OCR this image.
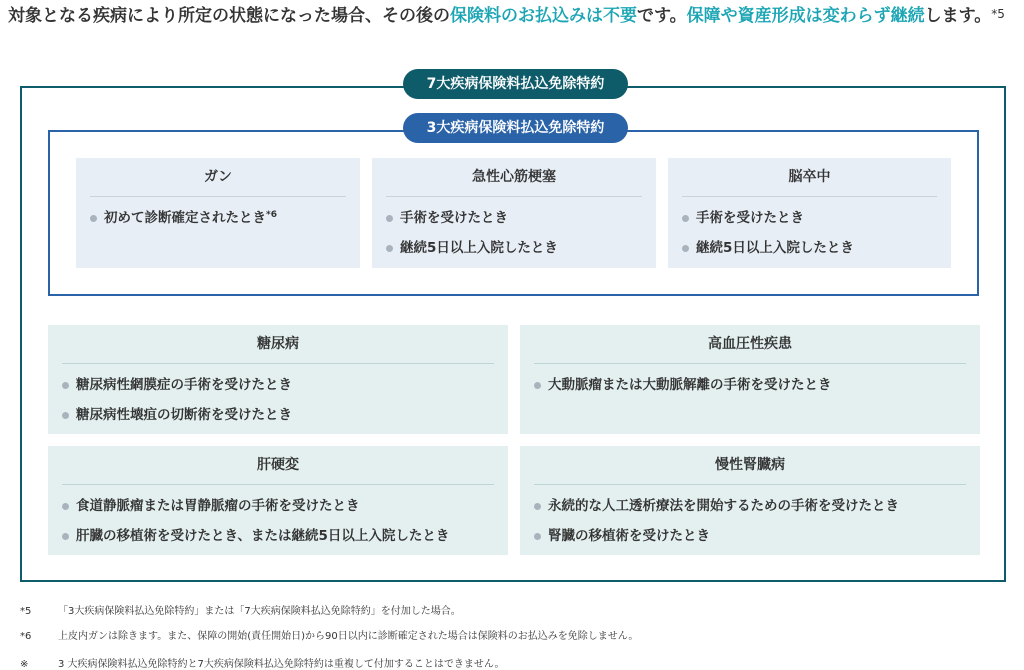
対象となる疾病により所定の状態になった場合、その後の保険料のお払込みは不要です。保障や資産形成は変わらず継続します。$^{*5}$
7大疾病保険料払込免除特約
3大疾病保険料払込免除特約
ガン
初めて診断確定されたとき$^{*6}$
急性心筋梗塞
手術を受けたとき
継続5日以上入院したとき
脳卒中
手術を受けたとき
継続5日以上入院したとき
糖尿病
糖尿病性網膜症の手術を受けたとき
糖尿病性壊疽の切断術を受けたとき
高血圧性疾患
大動脈瘤または大動脈解離の手術を受けたとき
肝硬変
食道静脈瘤または胃静脈瘤の手術を受けたとき
肝臓の移植術を受けたとき、または継続5日以上入院したとき
慢性腎臓病
永続的な人工透析療法を開始するための手術を受けたとき
腎臓の移植術を受けたとき
*5	「3大疾病保険料払込免除特約」または「7大疾病保険料払込免除特約」を付加した場合。
*6	上皮内ガンは除きます。また、保障の開始(責任開始日)から90日以内に診断確定された場合は保険料のお払込みを免除しません。
※	3 大疾病保険料払込免除特約と7大疾病保険料払込免除特約は重複して付加することはできません。
